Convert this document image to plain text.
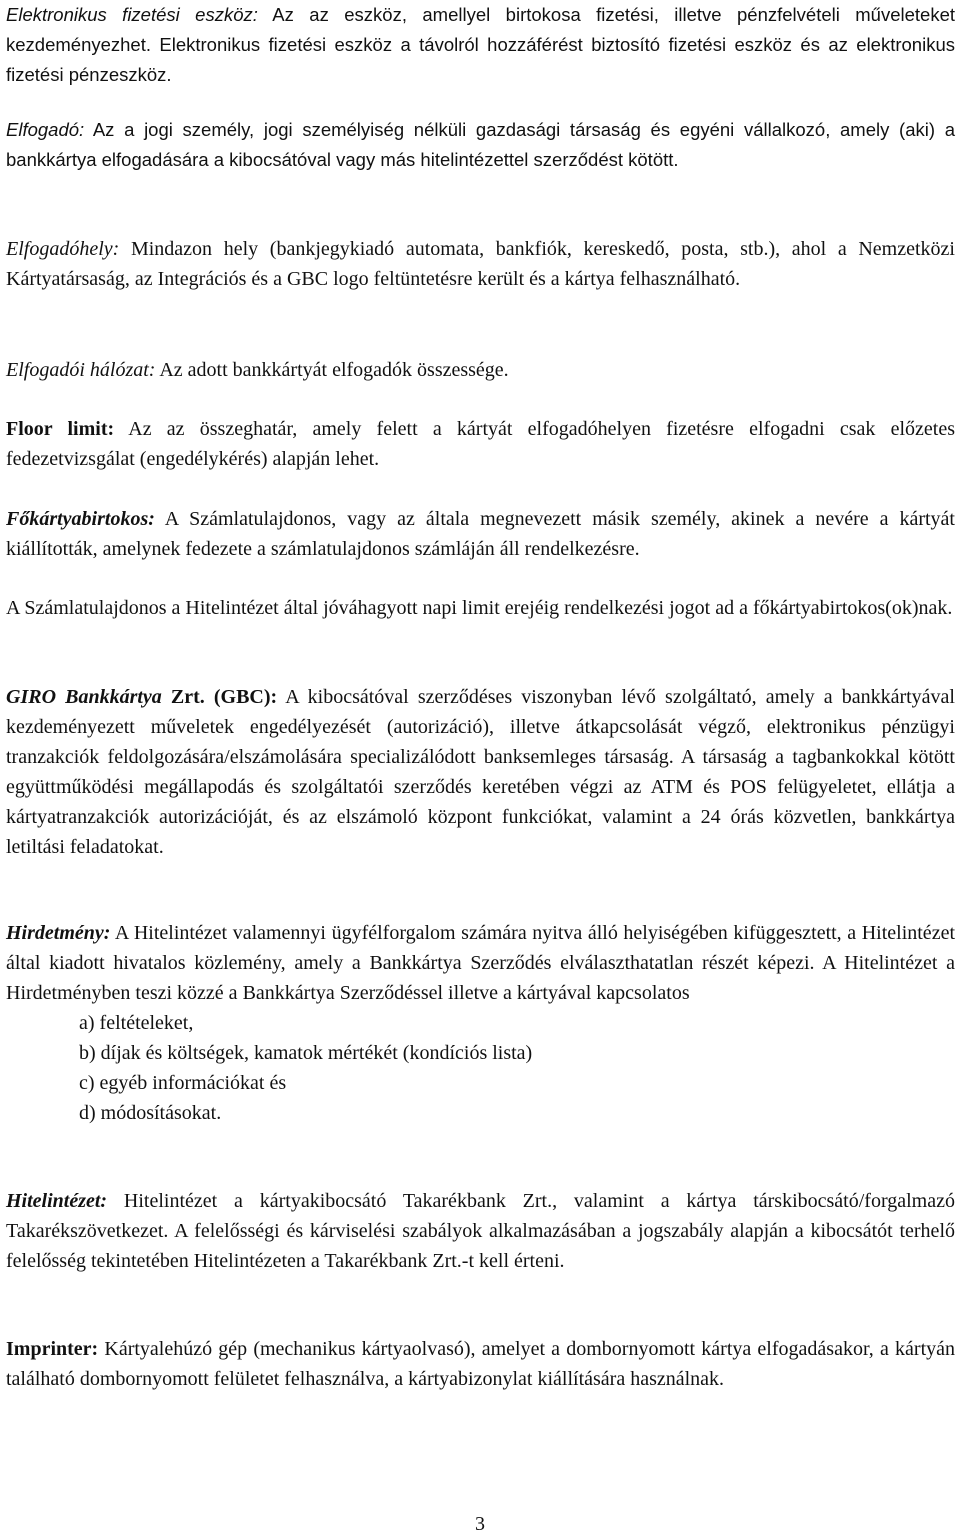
Elektronikus fizetési eszköz: Az az eszköz, amellyel birtokosa fizetési, illetve pénzfelvételi műveleteket kezdeményezhet. Elektronikus fizetési eszköz a távolról hozzáférést biztosító fizetési eszköz és az elektronikus fizetési pénzeszköz.

Elfogadó: Az a jogi személy, jogi személyiség nélküli gazdasági társaság és egyéni vállalkozó, amely (aki) a bankkártya elfogadására a kibocsátóval vagy más hitelintézettel szerződést kötött.

Elfogadóhely: Mindazon hely (bankjegykiadó automata, bankfiók, kereskedő, posta, stb.), ahol a Nemzetközi Kártyatársaság, az Integrációs és a GBC logo feltüntetésre került és a kártya felhasználható.

Elfogadói hálózat: Az adott bankkártyát elfogadók összessége.

Floor limit: Az az összeghatár, amely felett a kártyát elfogadóhelyen fizetésre elfogadni csak előzetes fedezetvizsgálat (engedélykérés) alapján lehet.

Főkártyabirtokos: A Számlatulajdonos, vagy az általa megnevezett másik személy, akinek a nevére a kártyát kiállították, amelynek fedezete a számlatulajdonos számláján áll rendelkezésre.

A Számlatulajdonos a Hitelintézet által jóváhagyott napi limit erejéig rendelkezési jogot ad a főkártyabirtokos(ok)nak.

GIRO Bankkártya Zrt. (GBC): A kibocsátóval szerződéses viszonyban lévő szolgáltató, amely a bankkártyával kezdeményezett műveletek engedélyezését (autorizáció), illetve átkapcsolását végző, elektronikus pénzügyi tranzakciók feldolgozására/elszámolására specializálódott banksemleges társaság. A társaság a tagbankokkal kötött együttműködési megállapodás és szolgáltatói szerződés keretében végzi az ATM és POS felügyeletet, ellátja a kártyatranzakciók autorizációját, és az elszámoló központ funkciókat, valamint a 24 órás közvetlen, bankkártya letiltási feladatokat.

Hirdetmény: A Hitelintézet valamennyi ügyfélforgalom számára nyitva álló helyiségében kifüggesztett, a Hitelintézet által kiadott hivatalos közlemény, amely a Bankkártya Szerződés elválaszthatatlan részét képezi. A Hitelintézet a Hirdetményben teszi közzé a Bankkártya Szerződéssel illetve a kártyával kapcsolatos

a) feltételeket,
b) díjak és költségek, kamatok mértékét (kondíciós lista)
c) egyéb információkat és
d) módosításokat.

Hitelintézet: Hitelintézet a kártyakibocsátó Takarékbank Zrt., valamint a kártya társkibocsátó/forgalmazó Takarékszövetkezet. A felelősségi és kárviselési szabályok alkalmazásában a jogszabály alapján a kibocsátót terhelő felelősség tekintetében Hitelintézeten a Takarékbank Zrt.-t kell érteni.

Imprinter: Kártyalehúzó gép (mechanikus kártyaolvasó), amelyet a dombornyomott kártya elfogadásakor, a kártyán található dombornyomott felületet felhasználva, a kártyabizonylat kiállítására használnak.

3
